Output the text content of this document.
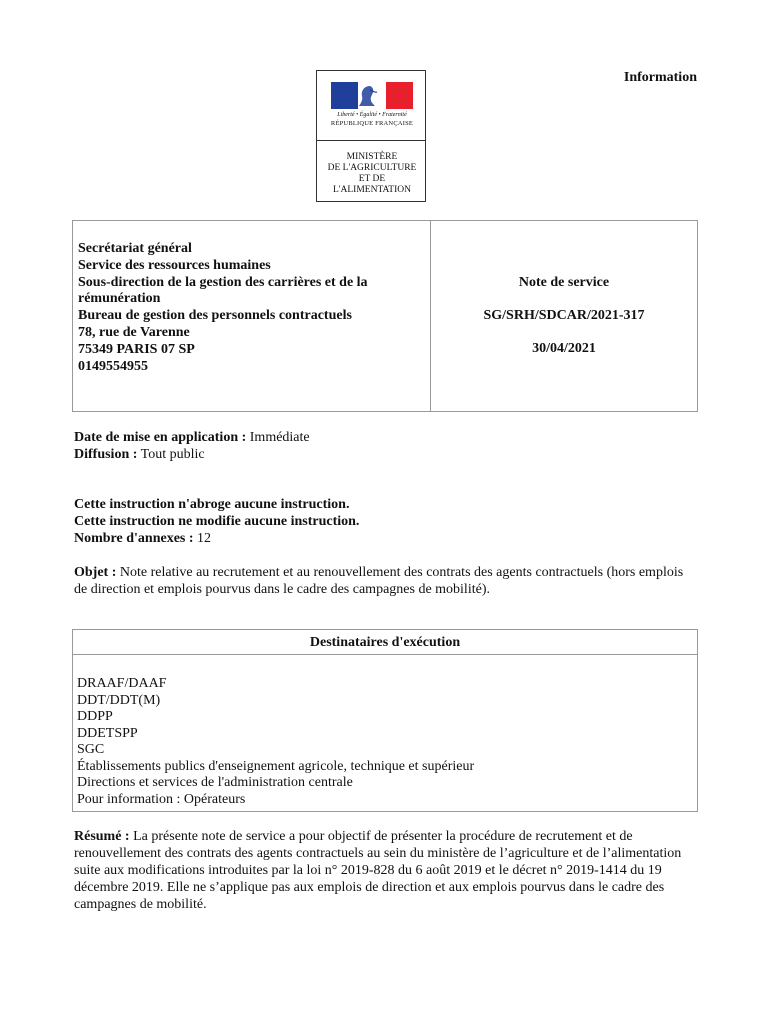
Liberté • Égalité • Fraternité
RÉPUBLIQUE FRANÇAISE
MINISTÈRE
DE L'AGRICULTURE
ET DE
L'ALIMENTATION
Information
Secrétariat général
Service des ressources humaines
Sous-direction de la gestion des carrières et de la
rémunération
Bureau de gestion des personnels contractuels
78, rue de Varenne
75349 PARIS 07 SP
0149554955
Note de service
SG/SRH/SDCAR/2021-317
30/04/2021
Date de mise en application : Immédiate
Diffusion : Tout public
Cette instruction n'abroge aucune instruction.
Cette instruction ne modifie aucune instruction.
Nombre d'annexes : 12
Objet : Note relative au recrutement et au renouvellement des contrats des agents contractuels (hors emplois de direction et emplois pourvus dans le cadre des campagnes de mobilité).
Destinataires d'exécution
DRAAF/DAAF
DDT/DDT(M)
DDPP
DDETSPP
SGC
Établissements publics d'enseignement agricole, technique et supérieur
Directions et services de l'administration centrale
Pour information : Opérateurs
Résumé : La présente note de service a pour objectif de présenter la procédure de recrutement et de renouvellement des contrats des agents contractuels au sein du ministère de l’agriculture et de l’alimentation suite aux modifications introduites par la loi n° 2019-828 du 6 août 2019 et le décret n° 2019-1414 du 19 décembre 2019. Elle ne s’applique pas aux emplois de direction et aux emplois pourvus dans le cadre des campagnes de mobilité.
